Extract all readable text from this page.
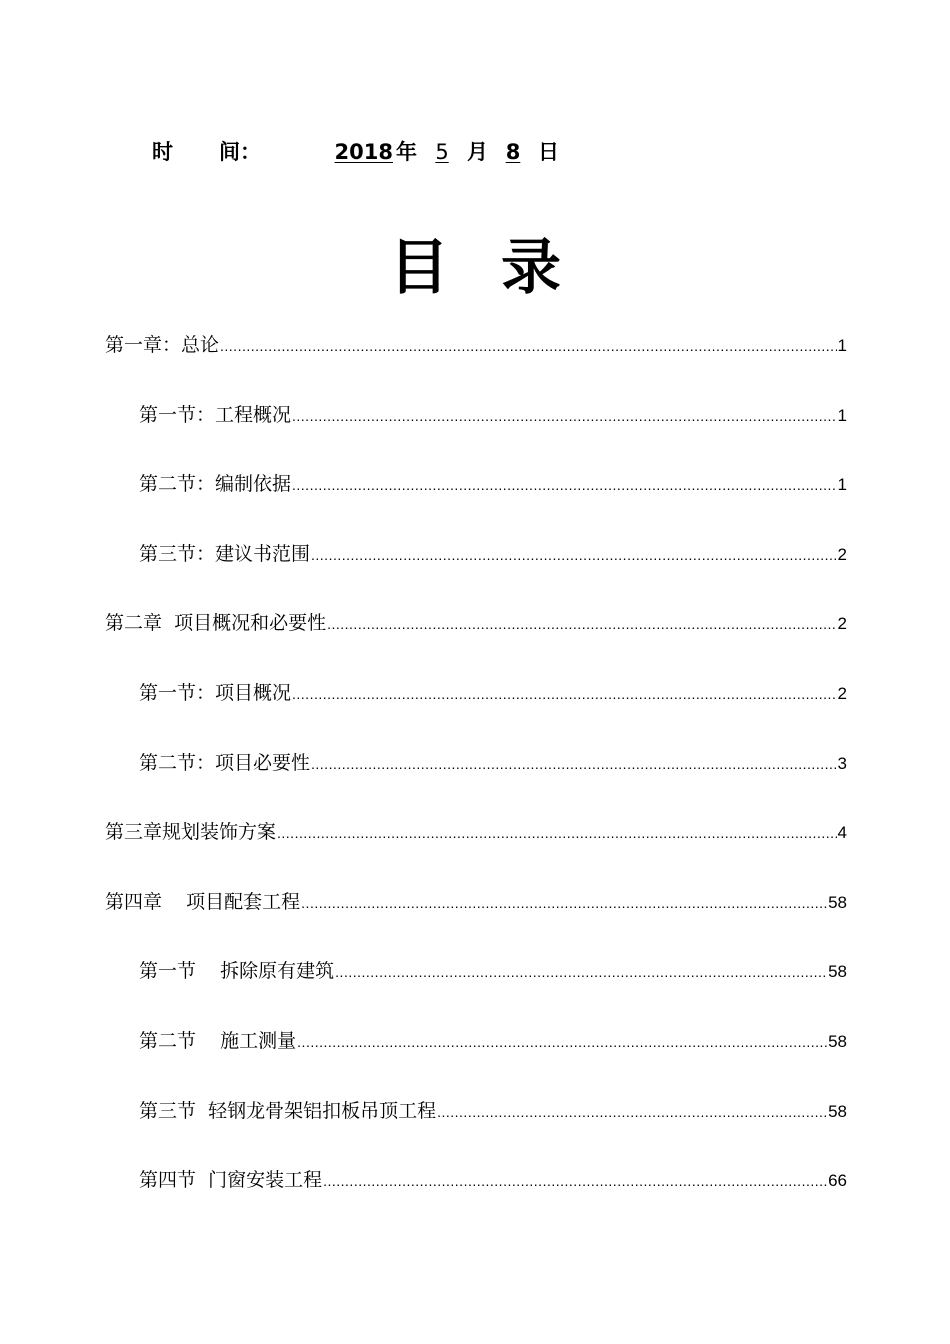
时 间：	2018 年 5 月 8 日
目录
第一章：总论 .....	1
第一节：工程概况 .....	1
第二节：编制依据 .....	1
第三节：建议书范围 .....	2
第二章  项目概况和必要性 .....	2
第一节：项目概况 .....	2
第二节：项目必要性 .....	3
第三章规划装饰方案 .....	4
第四章    项目配套工程 .....	58
第一节    拆除原有建筑 .....	58
第二节    施工测量 .....	58
第三节  轻钢龙骨架铝扣板吊顶工程 .....	58
第四节  门窗安装工程 .....	66
